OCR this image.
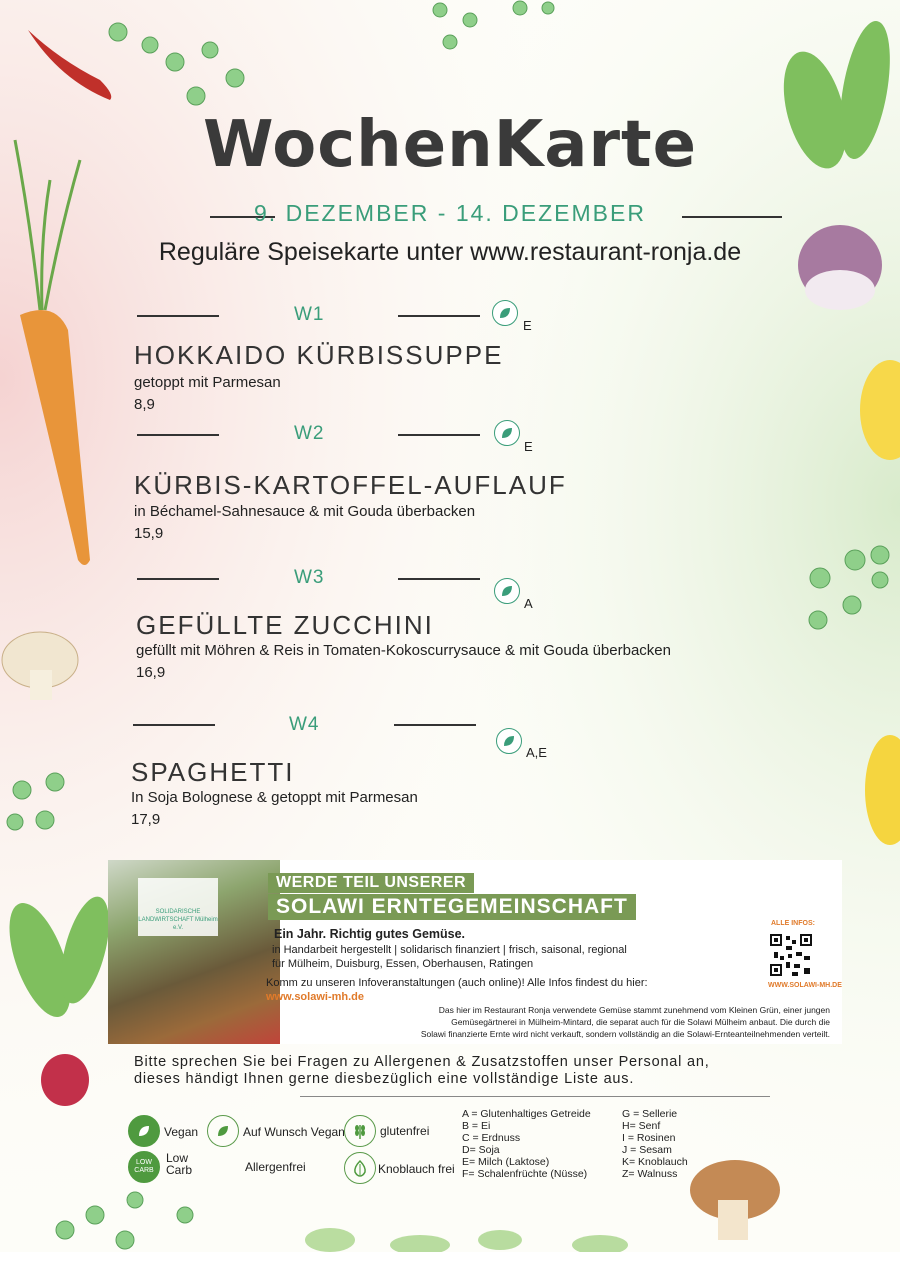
WochenKarte
9. DEZEMBER - 14. DEZEMBER
Reguläre Speisekarte unter www.restaurant-ronja.de
W1
E
HOKKAIDO KÜRBISSUPPE
getoppt mit Parmesan
8,9
W2
E
KÜRBIS-KARTOFFEL-AUFLAUF
in Béchamel-Sahnesauce & mit Gouda überbacken
15,9
W3
A
GEFÜLLTE ZUCCHINI
gefüllt mit Möhren & Reis in Tomaten-Kokoscurrysauce & mit Gouda überbacken
16,9
W4
A,E
SPAGHETTI
In Soja Bolognese & getoppt mit Parmesan
17,9
SOLIDARISCHE LANDWIRTSCHAFT Mülheim e.V.
WERDE TEIL UNSERER
SOLAWI ERNTEGEMEINSCHAFT
Ein Jahr. Richtig gutes Gemüse.
in Handarbeit hergestellt | solidarisch finanziert | frisch, saisonal, regional
für Mülheim, Duisburg, Essen, Oberhausen, Ratingen
Komm zu unseren Infoveranstaltungen (auch online)! Alle Infos findest du hier:
www.solawi-mh.de
ALLE INFOS:
WWW.SOLAWI-MH.DE
Das hier im Restaurant Ronja verwendete Gemüse stammt zunehmend vom Kleinen Grün, einer jungen
Gemüsegärtnerei in Mülheim-Mintard, die separat auch für die Solawi Mülheim anbaut. Die durch die
Solawi finanzierte Ernte wird nicht verkauft, sondern vollständig an die Solawi-Ernteanteilnehmenden verteilt.
Bitte sprechen Sie bei Fragen zu Allergenen & Zusatzstoffen unser Personal an,
dieses händigt Ihnen gerne diesbezüglich eine vollständige Liste aus.
Vegan	Auf Wunsch Vegan	glutenfrei
LOW CARB
Low Carb	Allergenfrei	Knoblauch frei
A = Glutenhaltiges Getreide
B = Ei
C = Erdnuss
D= Soja
E= Milch (Laktose)
F= Schalenfrüchte (Nüsse)
G = Sellerie
H= Senf
I = Rosinen
J = Sesam
K= Knoblauch
Z= Walnuss
